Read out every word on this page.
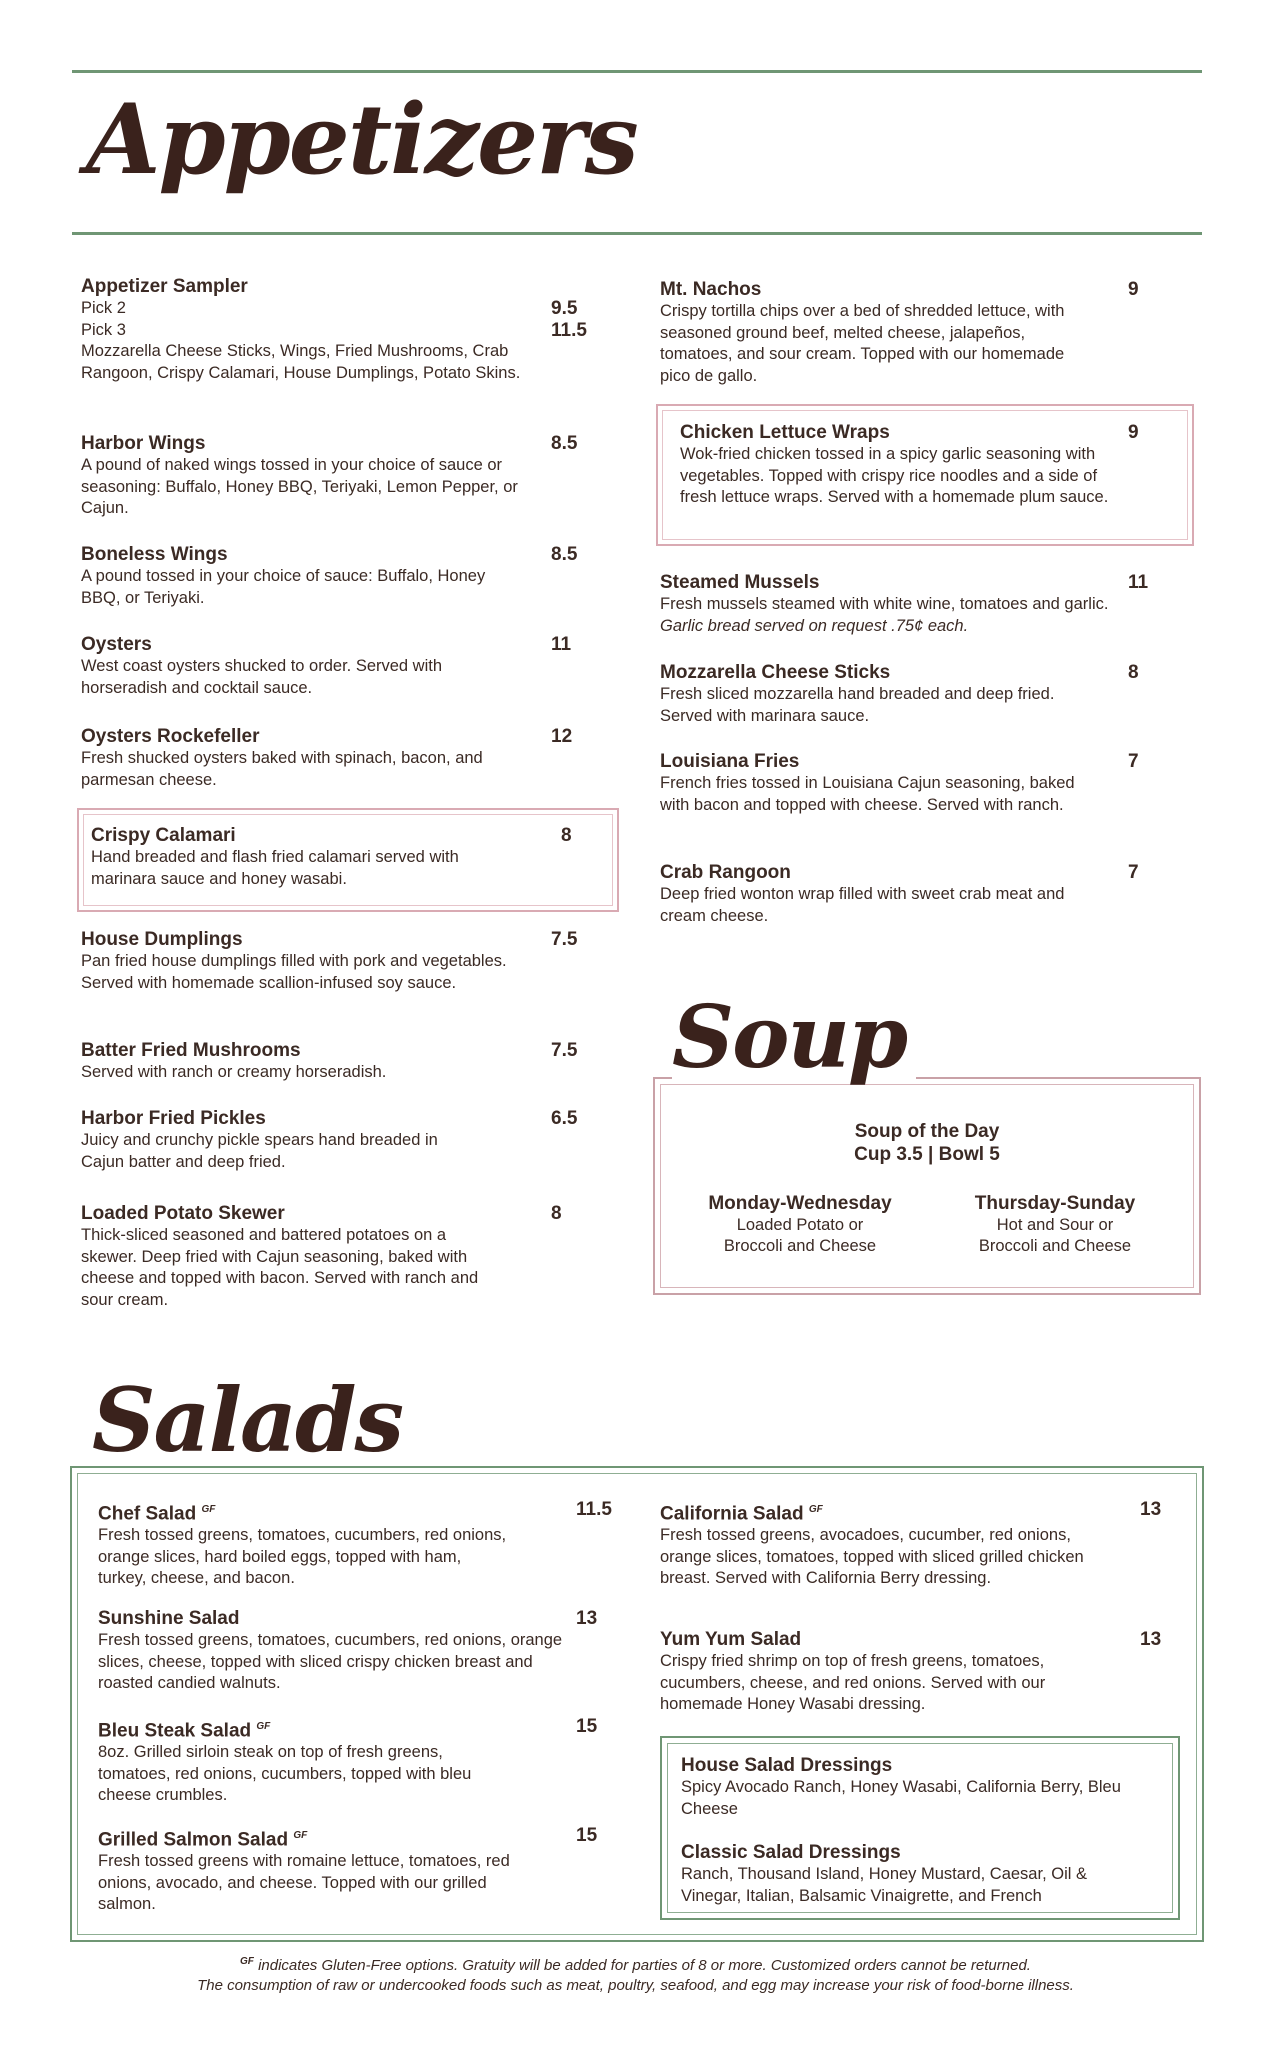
Appetizers
Appetizer Sampler
Pick 2	9.5
Pick 3	11.5
Mozzarella Cheese Sticks, Wings, Fried Mushrooms, Crab Rangoon, Crispy Calamari, House Dumplings, Potato Skins.
Harbor Wings	8.5
A pound of naked wings tossed in your choice of sauce or seasoning: Buffalo, Honey BBQ, Teriyaki, Lemon Pepper, or Cajun.
Boneless Wings	8.5
A pound tossed in your choice of sauce: Buffalo, Honey BBQ, or Teriyaki.
Oysters	11
West coast oysters shucked to order. Served with horseradish and cocktail sauce.
Oysters Rockefeller	12
Fresh shucked oysters baked with spinach, bacon, and parmesan cheese.
Crispy Calamari	8
Hand breaded and flash fried calamari served with marinara sauce and honey wasabi.
House Dumplings	7.5
Pan fried house dumplings filled with pork and vegetables. Served with homemade scallion-infused soy sauce.
Batter Fried Mushrooms	7.5
Served with ranch or creamy horseradish.
Harbor Fried Pickles	6.5
Juicy and crunchy pickle spears hand breaded in Cajun batter and deep fried.
Loaded Potato Skewer	8
Thick-sliced seasoned and battered potatoes on a skewer. Deep fried with Cajun seasoning, baked with cheese and topped with bacon. Served with ranch and sour cream.
Mt. Nachos	9
Crispy tortilla chips over a bed of shredded lettuce, with seasoned ground beef, melted cheese, jalapeños, tomatoes, and sour cream. Topped with our homemade pico de gallo.
Chicken Lettuce Wraps	9
Wok-fried chicken tossed in a spicy garlic seasoning with vegetables. Topped with crispy rice noodles and a side of fresh lettuce wraps. Served with a homemade plum sauce.
Steamed Mussels	11
Fresh mussels steamed with white wine, tomatoes and garlic. Garlic bread served on request .75¢ each.
Mozzarella Cheese Sticks	8
Fresh sliced mozzarella hand breaded and deep fried. Served with marinara sauce.
Louisiana Fries	7
French fries tossed in Louisiana Cajun seasoning, baked with bacon and topped with cheese. Served with ranch.
Crab Rangoon	7
Deep fried wonton wrap filled with sweet crab meat and cream cheese.
Soup
Soup of the Day
Cup 3.5 | Bowl 5
Monday-Wednesday
Loaded Potato or
Broccoli and Cheese
Thursday-Sunday
Hot and Sour or
Broccoli and Cheese
Salads
Chef Salad $^{GF}$	11.5
Fresh tossed greens, tomatoes, cucumbers, red onions, orange slices, hard boiled eggs, topped with ham, turkey, cheese, and bacon.
Sunshine Salad	13
Fresh tossed greens, tomatoes, cucumbers, red onions, orange slices, cheese, topped with sliced crispy chicken breast and roasted candied walnuts.
Bleu Steak Salad $^{GF}$	15
8oz. Grilled sirloin steak on top of fresh greens, tomatoes, red onions, cucumbers, topped with bleu cheese crumbles.
Grilled Salmon Salad $^{GF}$	15
Fresh tossed greens with romaine lettuce, tomatoes, red onions, avocado, and cheese. Topped with our grilled salmon.
California Salad $^{GF}$	13
Fresh tossed greens, avocadoes, cucumber, red onions, orange slices, tomatoes, topped with sliced grilled chicken breast. Served with California Berry dressing.
Yum Yum Salad	13
Crispy fried shrimp on top of fresh greens, tomatoes, cucumbers, cheese, and red onions. Served with our homemade Honey Wasabi dressing.
House Salad Dressings
Spicy Avocado Ranch, Honey Wasabi, California Berry, Bleu Cheese
Classic Salad Dressings
Ranch, Thousand Island, Honey Mustard, Caesar, Oil & Vinegar, Italian, Balsamic Vinaigrette, and French
$^{GF}$ indicates Gluten-Free options. Gratuity will be added for parties of 8 or more. Customized orders cannot be returned.
The consumption of raw or undercooked foods such as meat, poultry, seafood, and egg may increase your risk of food-borne illness.
